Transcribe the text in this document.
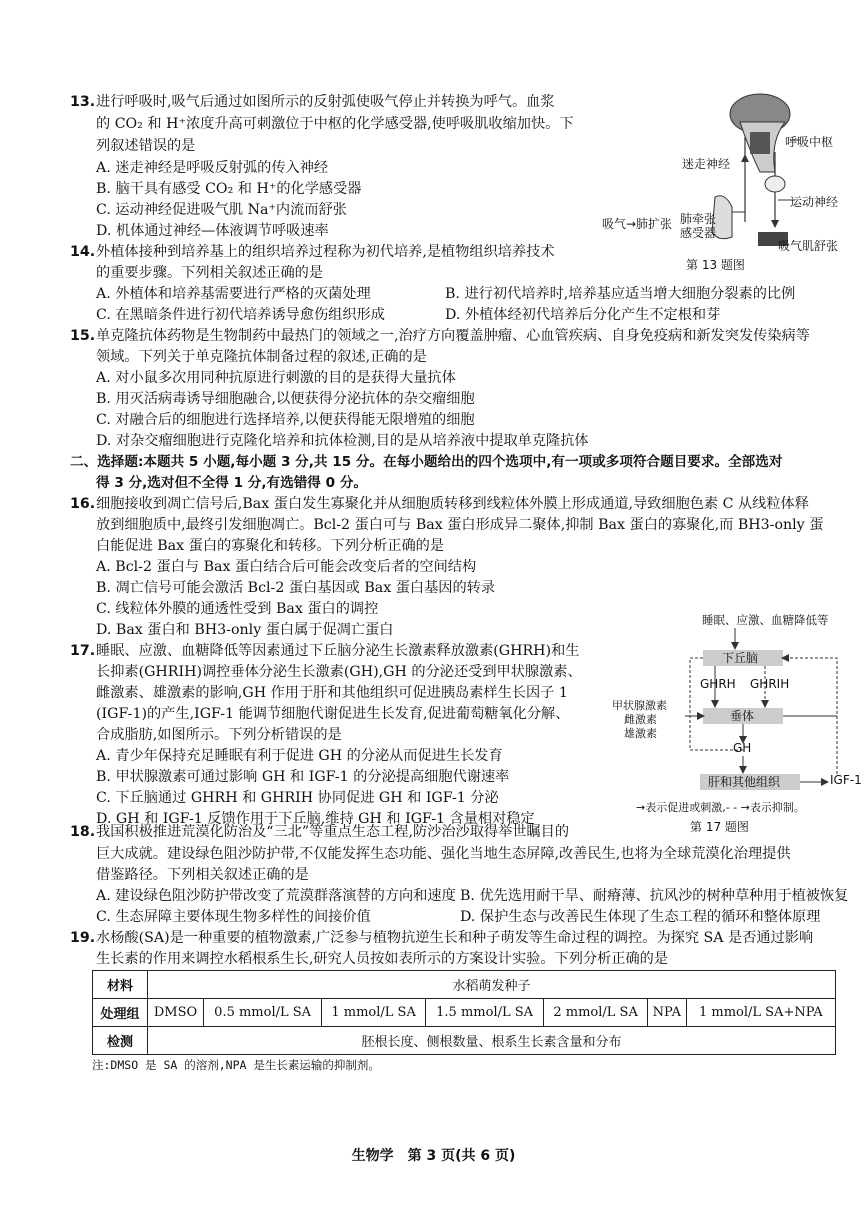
13. 进行呼吸时,吸气后通过如图所示的反射弧使吸气停止并转换为呼气。血浆
的 CO₂ 和 H⁺浓度升高可刺激位于中枢的化学感受器,使呼吸肌收缩加快。下
列叙述错误的是
A. 迷走神经是呼吸反射弧的传入神经
B. 脑干具有感受 CO₂ 和 H⁺的化学感受器
C. 运动神经促进吸气肌 Na⁺内流而舒张
D. 机体通过神经—体液调节呼吸速率
呼吸中枢
迷走神经
运动神经
吸气→肺扩张 肺牵张
感受器
吸气肌舒张
第 13 题图
14. 外植体接种到培养基上的组织培养过程称为初代培养,是植物组织培养技术
的重要步骤。下列相关叙述正确的是
A. 外植体和培养基需要进行严格的灭菌处理	B. 进行初代培养时,培养基应适当增大细胞分裂素的比例
C. 在黑暗条件进行初代培养诱导愈伤组织形成	D. 外植体经初代培养后分化产生不定根和芽
15. 单克隆抗体药物是生物制药中最热门的领域之一,治疗方向覆盖肿瘤、心血管疾病、自身免疫病和新发突发传染病等
领域。下列关于单克隆抗体制备过程的叙述,正确的是
A. 对小鼠多次用同种抗原进行刺激的目的是获得大量抗体
B. 用灭活病毒诱导细胞融合,以便获得分泌抗体的杂交瘤细胞
C. 对融合后的细胞进行选择培养,以便获得能无限增殖的细胞
D. 对杂交瘤细胞进行克隆化培养和抗体检测,目的是从培养液中提取单克隆抗体
二、选择题:本题共 5 小题,每小题 3 分,共 15 分。在每小题给出的四个选项中,有一项或多项符合题目要求。全部选对
得 3 分,选对但不全得 1 分,有选错得 0 分。
16. 细胞接收到凋亡信号后,Bax 蛋白发生寡聚化并从细胞质转移到线粒体外膜上形成通道,导致细胞色素 C 从线粒体释
放到细胞质中,最终引发细胞凋亡。Bcl-2 蛋白可与 Bax 蛋白形成异二聚体,抑制 Bax 蛋白的寡聚化,而 BH3-only 蛋
白能促进 Bax 蛋白的寡聚化和转移。下列分析正确的是
A. Bcl-2 蛋白与 Bax 蛋白结合后可能会改变后者的空间结构
B. 凋亡信号可能会激活 Bcl-2 蛋白基因或 Bax 蛋白基因的转录
C. 线粒体外膜的通透性受到 Bax 蛋白的调控
D. Bax 蛋白和 BH3-only 蛋白属于促凋亡蛋白
17. 睡眠、应激、血糖降低等因素通过下丘脑分泌生长激素释放激素(GHRH)和生
长抑素(GHRIH)调控垂体分泌生长激素(GH),GH 的分泌还受到甲状腺激素、
雌激素、雄激素的影响,GH 作用于肝和其他组织可促进胰岛素样生长因子 1
(IGF-1)的产生,IGF-1 能调节细胞代谢促进生长发育,促进葡萄糖氧化分解、
合成脂肪,如图所示。下列分析错误的是
A. 青少年保持充足睡眠有利于促进 GH 的分泌从而促进生长发育
B. 甲状腺激素可通过影响 GH 和 IGF-1 的分泌提高细胞代谢速率
C. 下丘脑通过 GHRH 和 GHRIH 协同促进 GH 和 IGF-1 分泌
D. GH 和 IGF-1 反馈作用于下丘脑,维持 GH 和 IGF-1 含量相对稳定
睡眠、应激、血糖降低等
下丘脑
GHRH GHRIH
甲状腺激素
雌激素
雄激素
垂体
GH
肝和其他组织	IGF-1
→表示促进或刺激,- - →表示抑制。
第 17 题图
18. 我国积极推进荒漠化防治及“三北”等重点生态工程,防沙治沙取得举世瞩目的
巨大成就。建设绿色阻沙防护带,不仅能发挥生态功能、强化当地生态屏障,改善民生,也将为全球荒漠化治理提供
借鉴路径。下列相关叙述正确的是
A. 建设绿色阻沙防护带改变了荒漠群落演替的方向和速度 B. 优先选用耐干旱、耐瘠薄、抗风沙的树种草种用于植被恢复
C. 生态屏障主要体现生物多样性的间接价值	D. 保护生态与改善民生体现了生态工程的循环和整体原理
19. 水杨酸(SA)是一种重要的植物激素,广泛参与植物抗逆生长和种子萌发等生命过程的调控。为探究 SA 是否通过影响
生长素的作用来调控水稻根系生长,研究人员按如表所示的方案设计实验。下列分析正确的是
材料	水稻萌发种子						
处理组	DMSO	0.5 mmol/L SA	1 mmol/L SA	1.5 mmol/L SA	2 mmol/L SA	NPA	1 mmol/L SA+NPA
检测	胚根长度、侧根数量、根系生长素含量和分布						
注:DMSO 是 SA 的溶剂,NPA 是生长素运输的抑制剂。
生物学　第 3 页(共 6 页)
